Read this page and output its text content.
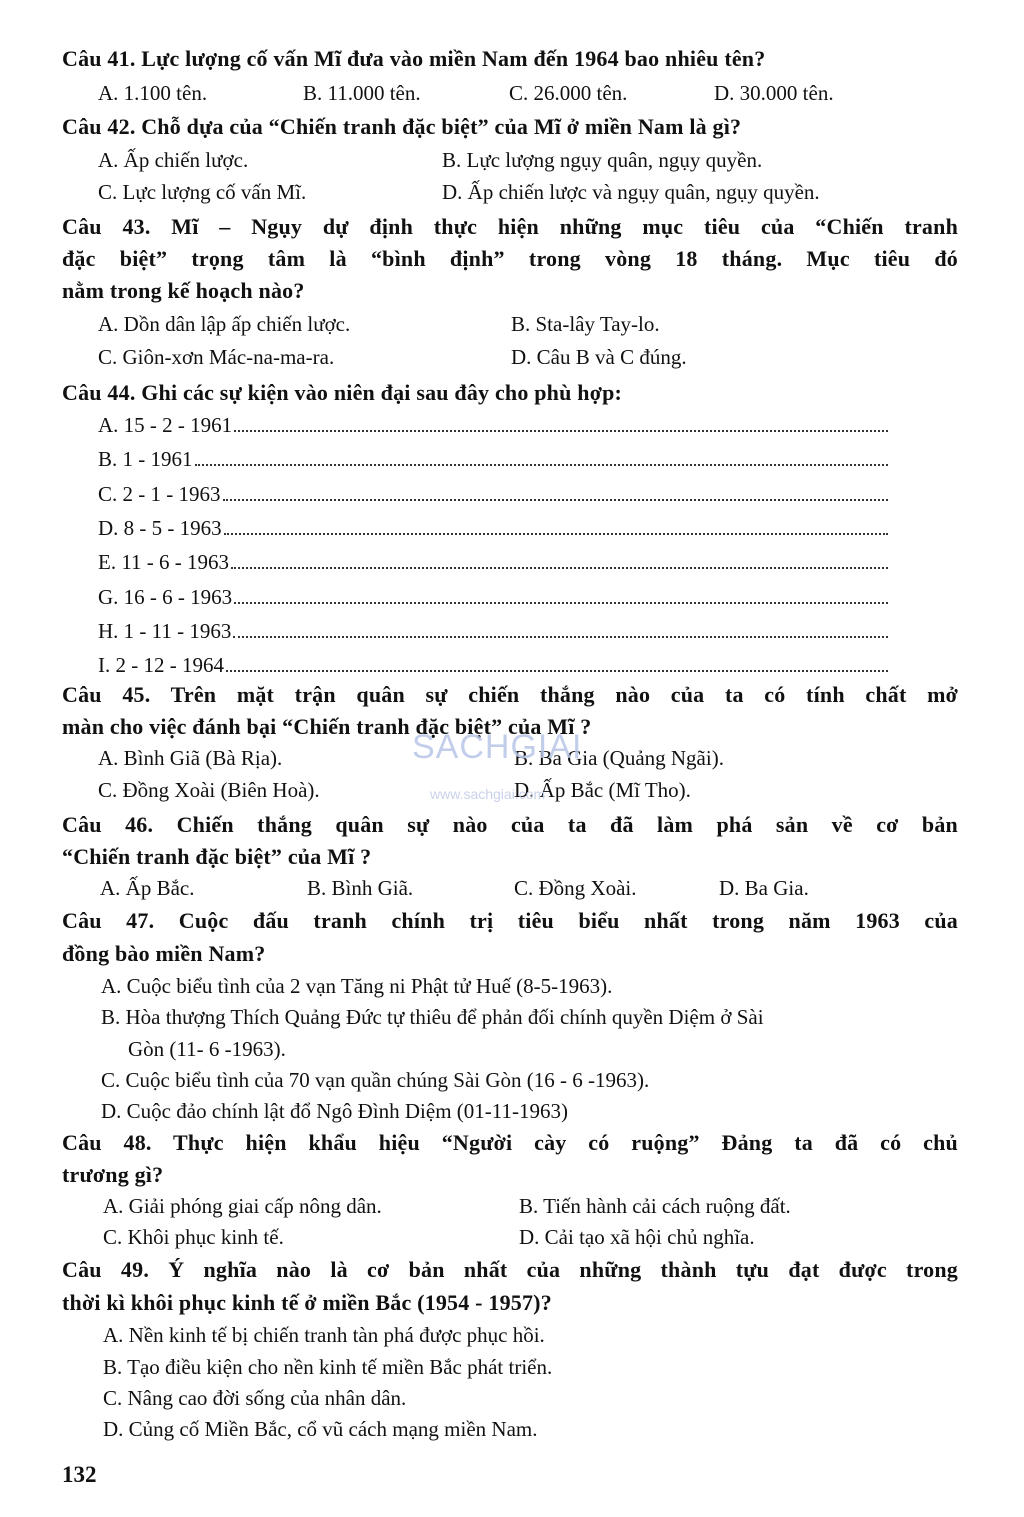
Câu 41. Lực lượng cố vấn Mĩ đưa vào miền Nam đến 1964 bao nhiêu tên?
A. 1.100 tên.	B. 11.000 tên.	C. 26.000 tên.	D. 30.000 tên.
Câu 42. Chỗ dựa của “Chiến tranh đặc biệt” của Mĩ ở miền Nam là gì?
A. Ấp chiến lược.	B. Lực lượng ngụy quân, ngụy quyền.
C. Lực lượng cố vấn Mĩ.	D. Ấp chiến lược và ngụy quân, ngụy quyền.
Câu 43. Mĩ – Ngụy dự định thực hiện những mục tiêu của “Chiến tranh
đặc biệt” trọng tâm là “bình định” trong vòng 18 tháng. Mục tiêu đó
nằm trong kế hoạch nào?
A. Dồn dân lập ấp chiến lược.	B. Sta-lây Tay-lo.
C. Giôn-xơn Mác-na-ma-ra.	D. Câu B và C đúng.
Câu 44. Ghi các sự kiện vào niên đại sau đây cho phù hợp:
A. 15 - 2 - 1961
B. 1 - 1961
C. 2 - 1 - 1963
D. 8 - 5 - 1963
E. 11 - 6 - 1963
G. 16 - 6 - 1963
H. 1 - 11 - 1963
I. 2 - 12 - 1964
Câu 45. Trên mặt trận quân sự chiến thắng nào của ta có tính chất mở
màn cho việc đánh bại “Chiến tranh đặc biệt” của Mĩ ?
A. Bình Giã (Bà Rịa).	B. Ba Gia (Quảng Ngãi).
C. Đồng Xoài (Biên Hoà).	D. Ấp Bắc (Mĩ Tho).
SACHGIAI
www.sachgiai.com
Câu 46. Chiến thắng quân sự nào của ta đã làm phá sản về cơ bản
“Chiến tranh đặc biệt” của Mĩ ?
A. Ấp Bắc.	B. Bình Giã.	C. Đồng Xoài.	D. Ba Gia.
Câu 47. Cuộc đấu tranh chính trị tiêu biểu nhất trong năm 1963 của
đồng bào miền Nam?
A. Cuộc biểu tình của 2 vạn Tăng ni Phật tử Huế (8-5-1963).
B. Hòa thượng Thích Quảng Đức tự thiêu để phản đối chính quyền Diệm ở Sài
Gòn (11- 6 -1963).
C. Cuộc biểu tình của 70 vạn quần chúng Sài Gòn (16 - 6 -1963).
D. Cuộc đảo chính lật đổ Ngô Đình Diệm (01-11-1963)
Câu 48. Thực hiện khẩu hiệu “Người cày có ruộng” Đảng ta đã có chủ
trương gì?
A. Giải phóng giai cấp nông dân.	B. Tiến hành cải cách ruộng đất.
C. Khôi phục kinh tế.	D. Cải tạo xã hội chủ nghĩa.
Câu 49. Ý nghĩa nào là cơ bản nhất của những thành tựu đạt được trong
thời kì khôi phục kinh tế ở miền Bắc (1954 - 1957)?
A. Nền kinh tế bị chiến tranh tàn phá được phục hồi.
B. Tạo điều kiện cho nền kinh tế miền Bắc phát triển.
C. Nâng cao đời sống của nhân dân.
D. Củng cố Miền Bắc, cổ vũ cách mạng miền Nam.
132
